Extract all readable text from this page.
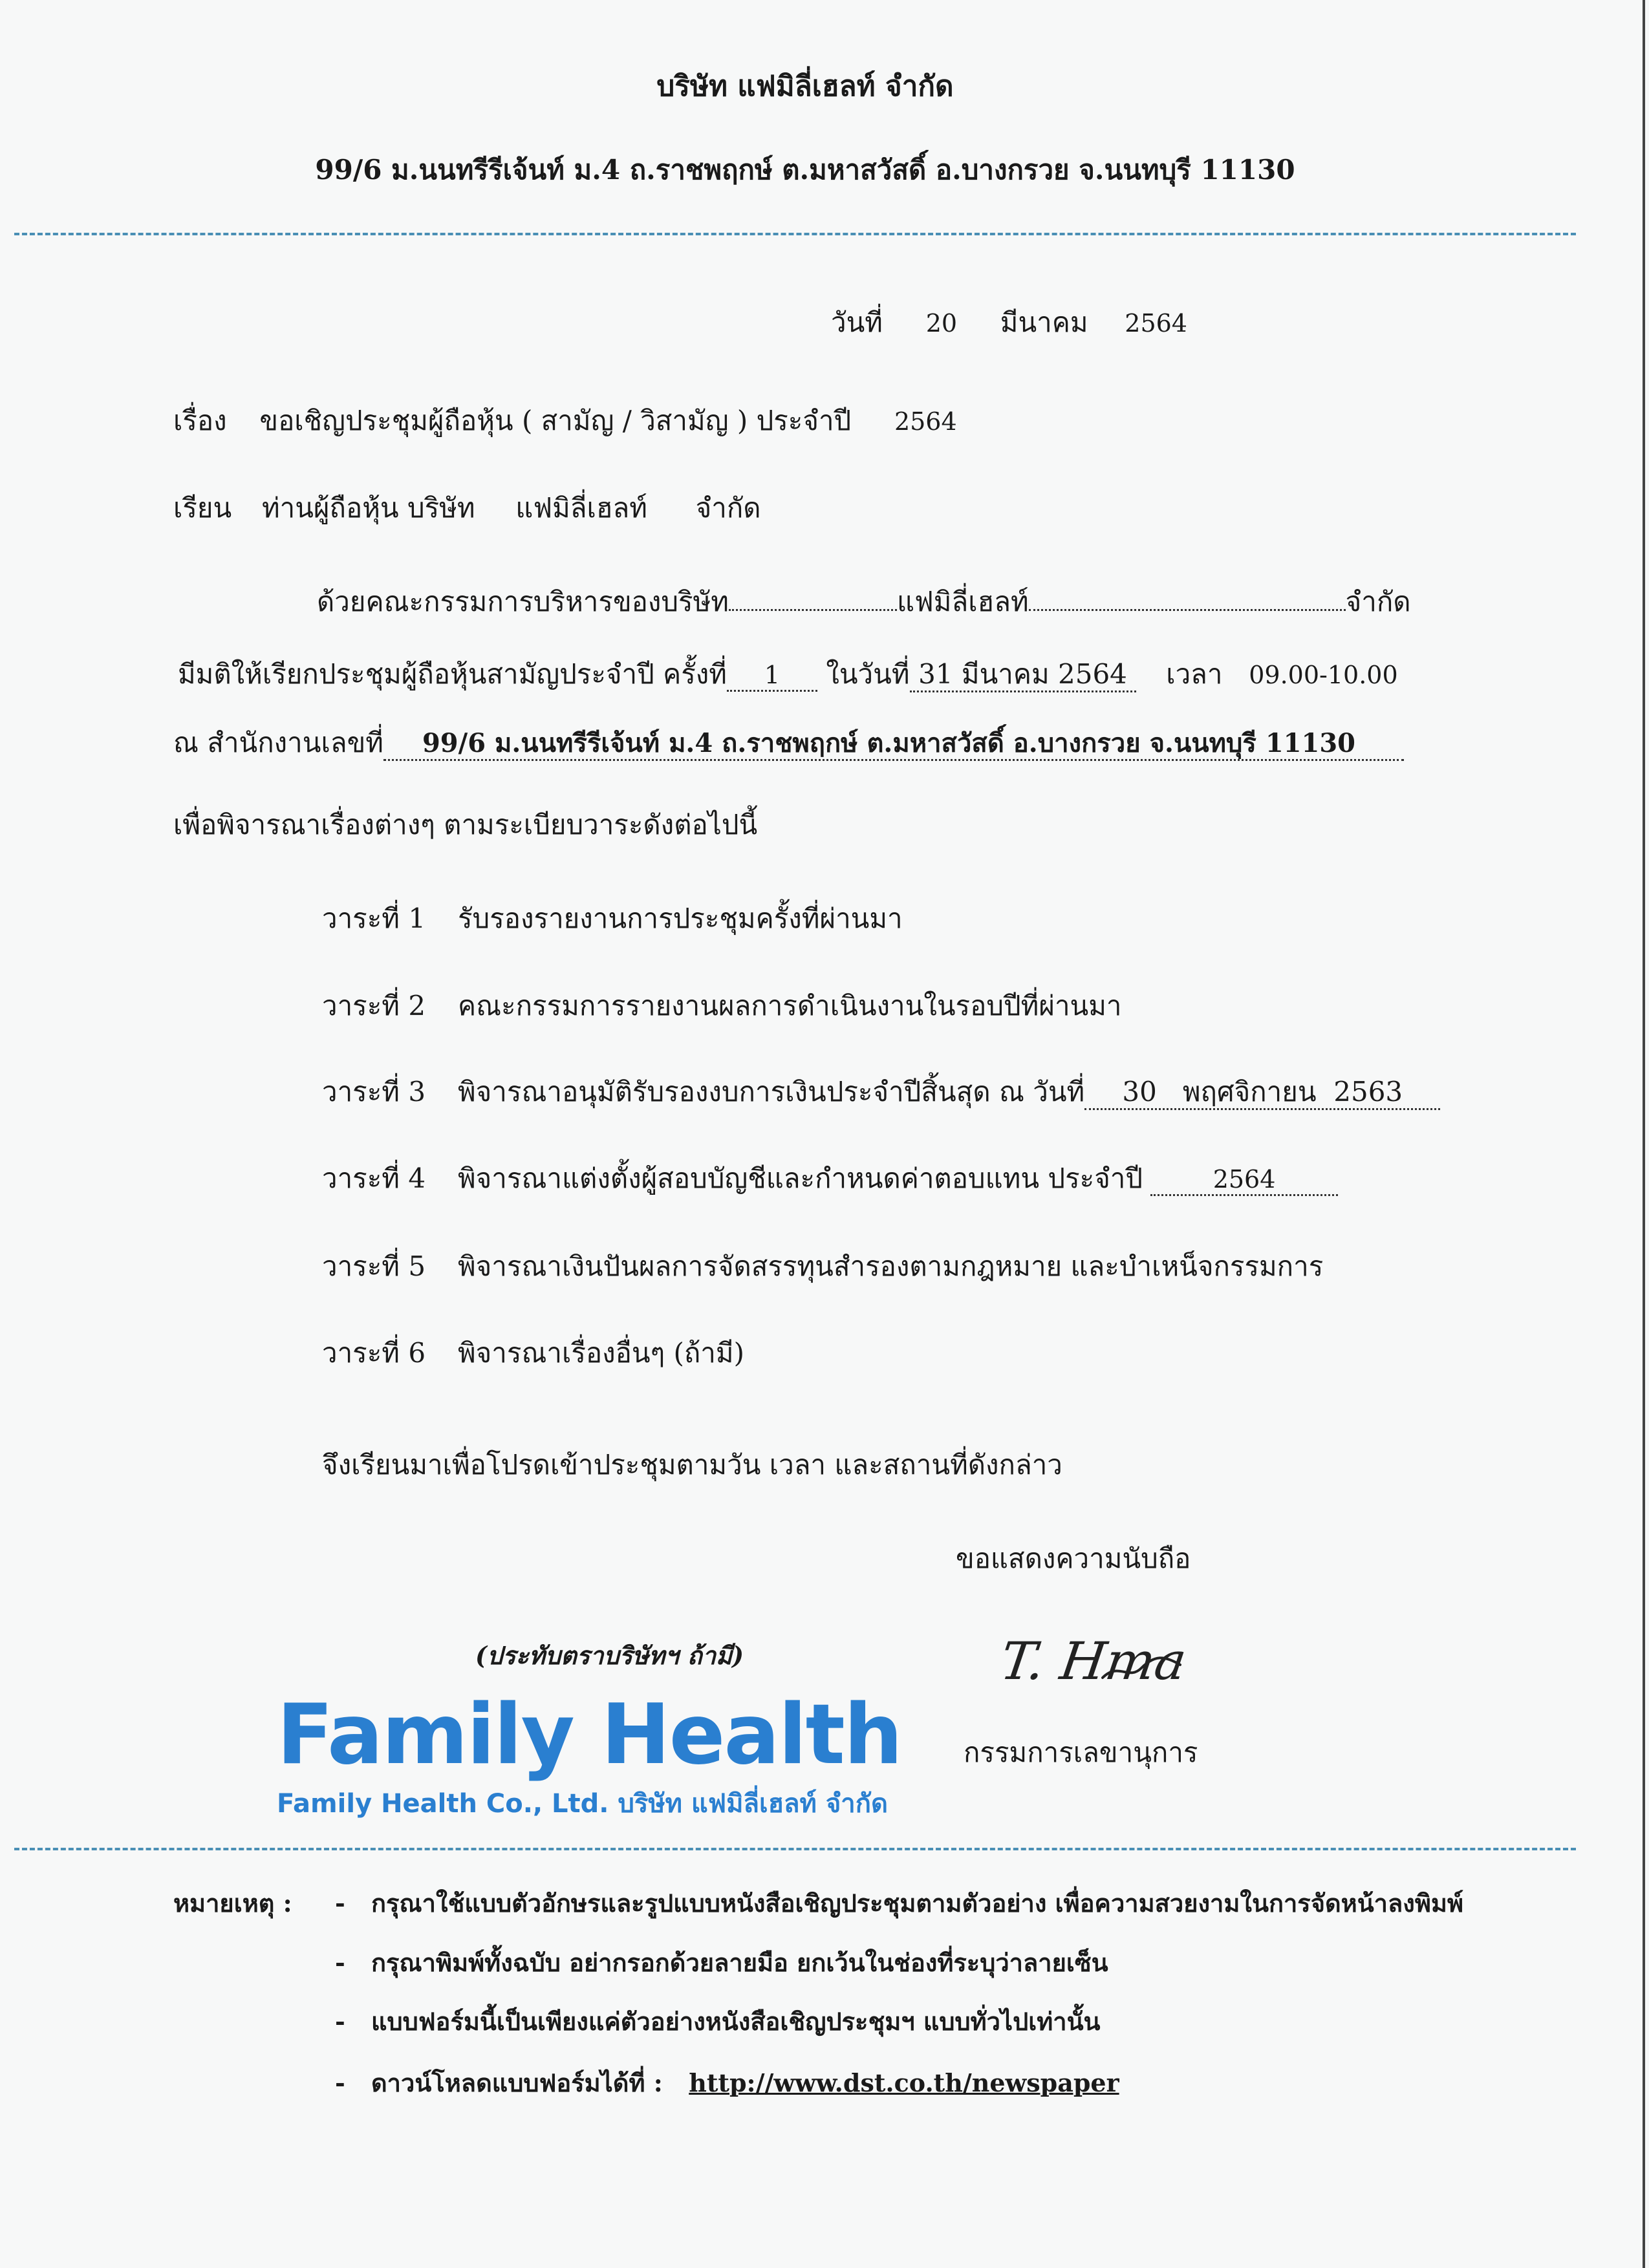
บริษัท แฟมิลี่เฮลท์ จำกัด
99/6 ม.นนทรีรีเจ้นท์ ม.4 ถ.ราชพฤกษ์ ต.มหาสวัสดิ์ อ.บางกรวย จ.นนทบุรี 11130
วันที่ 20 มีนาคม 2564
เรื่อง ขอเชิญประชุมผู้ถือหุ้น ( สามัญ / วิสามัญ ) ประจำปี 2564
เรียน ท่านผู้ถือหุ้น บริษัท แฟมิลี่เฮลท์ จำกัด
ด้วยคณะกรรมการบริหารของบริษัท	แฟมิลี่เฮลท์	จำกัด
มีมติให้เรียกประชุมผู้ถือหุ้นสามัญประจำปี ครั้งที่ 1 ในวันที่ 31 มีนาคม 2564 เวลา 09.00-10.00
ณ สำนักงานเลขที่ 99/6 ม.นนทรีรีเจ้นท์ ม.4 ถ.ราชพฤกษ์ ต.มหาสวัสดิ์ อ.บางกรวย จ.นนทบุรี 11130
เพื่อพิจารณาเรื่องต่างๆ ตามระเบียบวาระดังต่อไปนี้
วาระที่ 1 รับรองรายงานการประชุมครั้งที่ผ่านมา
วาระที่ 2 คณะกรรมการรายงานผลการดำเนินงานในรอบปีที่ผ่านมา
วาระที่ 3 พิจารณาอนุมัติรับรองงบการเงินประจำปีสิ้นสุด ณ วันที่ 30   พฤศจิกายน  2563
วาระที่ 4 พิจารณาแต่งตั้งผู้สอบบัญชีและกำหนดค่าตอบแทน ประจำปี	2564
วาระที่ 5 พิจารณาเงินปันผลการจัดสรรทุนสำรองตามกฎหมาย และบำเหน็จกรรมการ
วาระที่ 6 พิจารณาเรื่องอื่นๆ (ถ้ามี)
จึงเรียนมาเพื่อโปรดเข้าประชุมตามวัน เวลา และสถานที่ดังกล่าว
ขอแสดงความนับถือ
(ประทับตราบริษัทฯ ถ้ามี)	T. Hma
กรรมการเลขานุการ
Family Health
Family Health Co., Ltd. บริษัท แฟมิลี่เฮลท์ จำกัด
หมายเหตุ : - กรุณาใช้แบบตัวอักษรและรูปแบบหนังสือเชิญประชุมตามตัวอย่าง เพื่อความสวยงามในการจัดหน้าลงพิมพ์
- กรุณาพิมพ์ทั้งฉบับ อย่ากรอกด้วยลายมือ ยกเว้นในช่องที่ระบุว่าลายเซ็น
- แบบฟอร์มนี้เป็นเพียงแค่ตัวอย่างหนังสือเชิญประชุมฯ แบบทั่วไปเท่านั้น
- ดาวน์โหลดแบบฟอร์มได้ที่ : http://www.dst.co.th/newspaper
